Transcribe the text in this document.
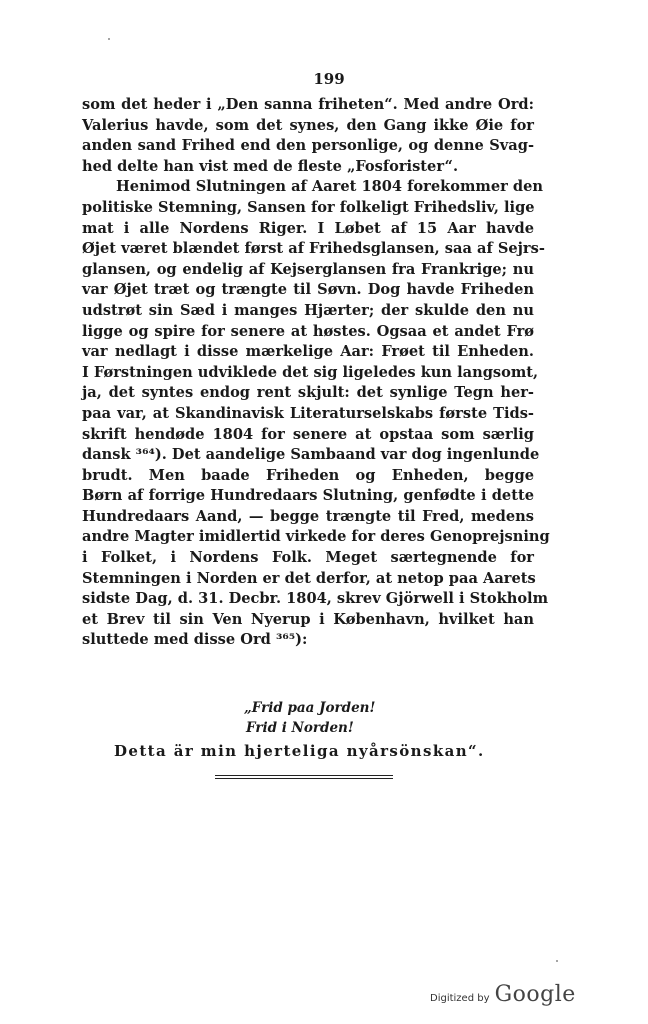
199
som det heder i „Den sanna friheten“. Med andre Ord:
Valerius havde, som det synes, den Gang ikke Øie for
anden sand Frihed end den personlige, og denne Svag-
hed delte han vist med de fleste „Fosforister“.
Henimod Slutningen af Aaret 1804 forekommer den
politiske Stemning, Sansen for folkeligt Frihedsliv, lige
mat i alle Nordens Riger. I Løbet af 15 Aar havde
Øjet været blændet først af Frihedsglansen, saa af Sejrs-
glansen, og endelig af Kejserglansen fra Frankrige; nu
var Øjet træt og trængte til Søvn. Dog havde Friheden
udstrøt sin Sæd i manges Hjærter; der skulde den nu
ligge og spire for senere at høstes. Ogsaa et andet Frø
var nedlagt i disse mærkelige Aar: Frøet til Enheden.
I Førstningen udviklede det sig ligeledes kun langsomt,
ja, det syntes endog rent skjult: det synlige Tegn her-
paa var, at Skandinavisk Literaturselskabs første Tids-
skrift hendøde 1804 for senere at opstaa som særlig
dansk ³⁶⁴). Det aandelige Sambaand var dog ingenlunde
brudt. Men baade Friheden og Enheden, begge
Børn af forrige Hundredaars Slutning, genfødte i dette
Hundredaars Aand, — begge trængte til Fred, medens
andre Magter imidlertid virkede for deres Genoprejsning
i Folket, i Nordens Folk. Meget særtegnende for
Stemningen i Norden er det derfor, at netop paa Aarets
sidste Dag, d. 31. Decbr. 1804, skrev Gjörwell i Stokholm
et Brev til sin Ven Nyerup i København, hvilket han
sluttede med disse Ord ³⁶⁵):
„Frid paa Jorden!
Frid i Norden!
Detta är min hjerteliga nyårsönskan“.
Digitized by Google
